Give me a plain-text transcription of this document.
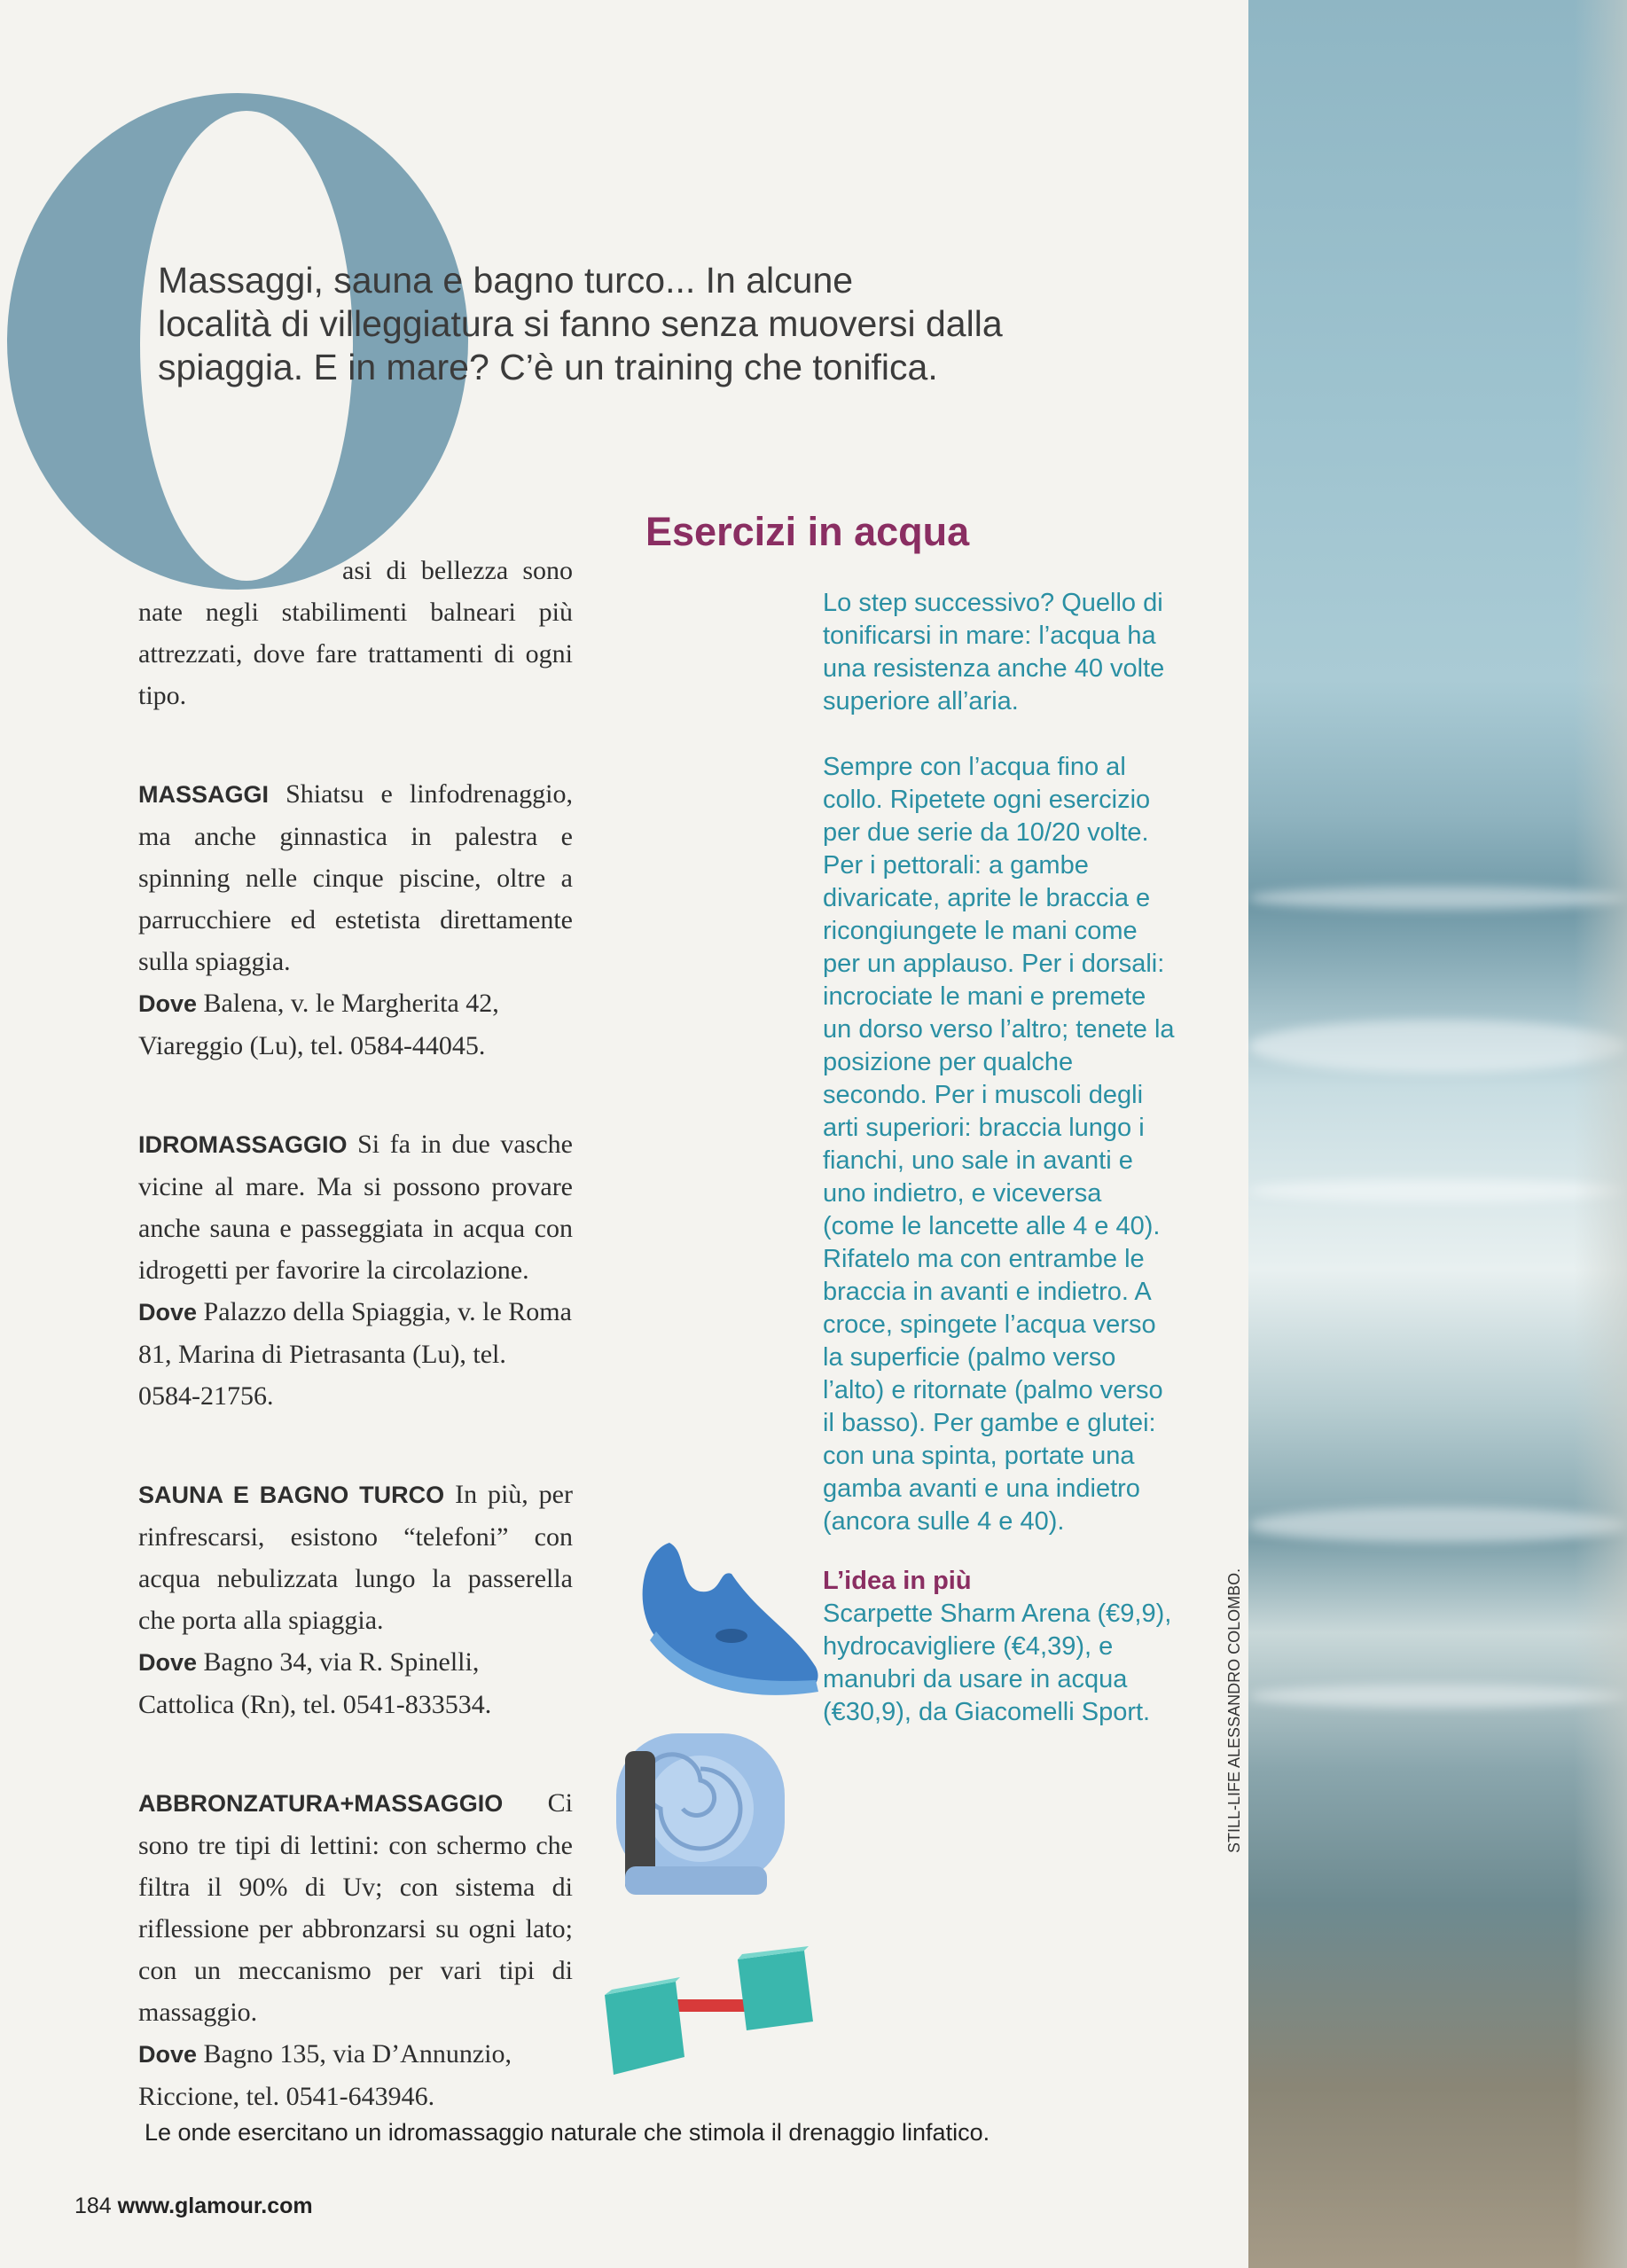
Massaggi, sauna e bagno turco... In alcune
località di villeggiatura si fanno senza muoversi dalla
spiaggia. E in mare? C’è un training che tonifica.

asi di bellezza sono nate negli stabilimenti balneari più attrezzati, dove fare trattamenti di ogni tipo.

MASSAGGI Shiatsu e linfodrenaggio, ma anche ginnastica in palestra e spinning nelle cinque piscine, oltre a parrucchiere ed estetista direttamente sulla spiaggia.

Dove Balena, v. le Margherita 42, Viareggio (Lu), tel. 0584-44045.

IDROMASSAGGIO Si fa in due vasche vicine al mare. Ma si possono provare anche sauna e passeggiata in acqua con idrogetti per favorire la circolazione.

Dove Palazzo della Spiaggia, v. le Roma 81, Marina di Pietrasanta (Lu), tel. 0584-21756.

SAUNA E BAGNO TURCO In più, per rinfrescarsi, esistono “telefoni” con acqua nebulizzata lungo la passerella che porta alla spiaggia.

Dove Bagno 34, via R. Spinelli, Cattolica (Rn), tel. 0541-833534.

ABBRONZATURA+MASSAGGIO Ci sono tre tipi di lettini: con schermo che filtra il 90% di Uv; con sistema di riflessione per abbronzarsi su ogni lato; con un meccanismo per vari tipi di massaggio.

Dove Bagno 135, via D’Annunzio, Riccione, tel. 0541-643946.

Esercizi in acqua

Lo step successivo? Quello di tonificarsi in mare: l’acqua ha una resistenza anche 40 volte superiore all’aria.

Sempre con l’acqua fino al collo. Ripetete ogni esercizio per due serie da 10/20 volte. Per i pettorali: a gambe divaricate, aprite le braccia e ricongiungete le mani come per un applauso. Per i dorsali: incrociate le mani e premete un dorso verso l’altro; tenete la posizione per qualche secondo. Per i muscoli degli arti superiori: braccia lungo i fianchi, uno sale in avanti e uno indietro, e viceversa (come le lancette alle 4 e 40). Rifatelo ma con entrambe le braccia in avanti e indietro. A croce, spingete l’acqua verso la superficie (palmo verso l’alto) e ritornate (palmo verso il basso). Per gambe e glutei: con una spinta, portate una gamba avanti e una indietro (ancora sulle 4 e 40).

L’idea in più

Scarpette Sharm Arena (€9,9), hydrocavigliere (€4,39), e manubri da usare in acqua (€30,9), da Giacomelli Sport.

Le onde esercitano un idromassaggio naturale che stimola il drenaggio linfatico.
184 www.glamour.com
STILL-LIFE ALESSANDRO COLOMBO.
